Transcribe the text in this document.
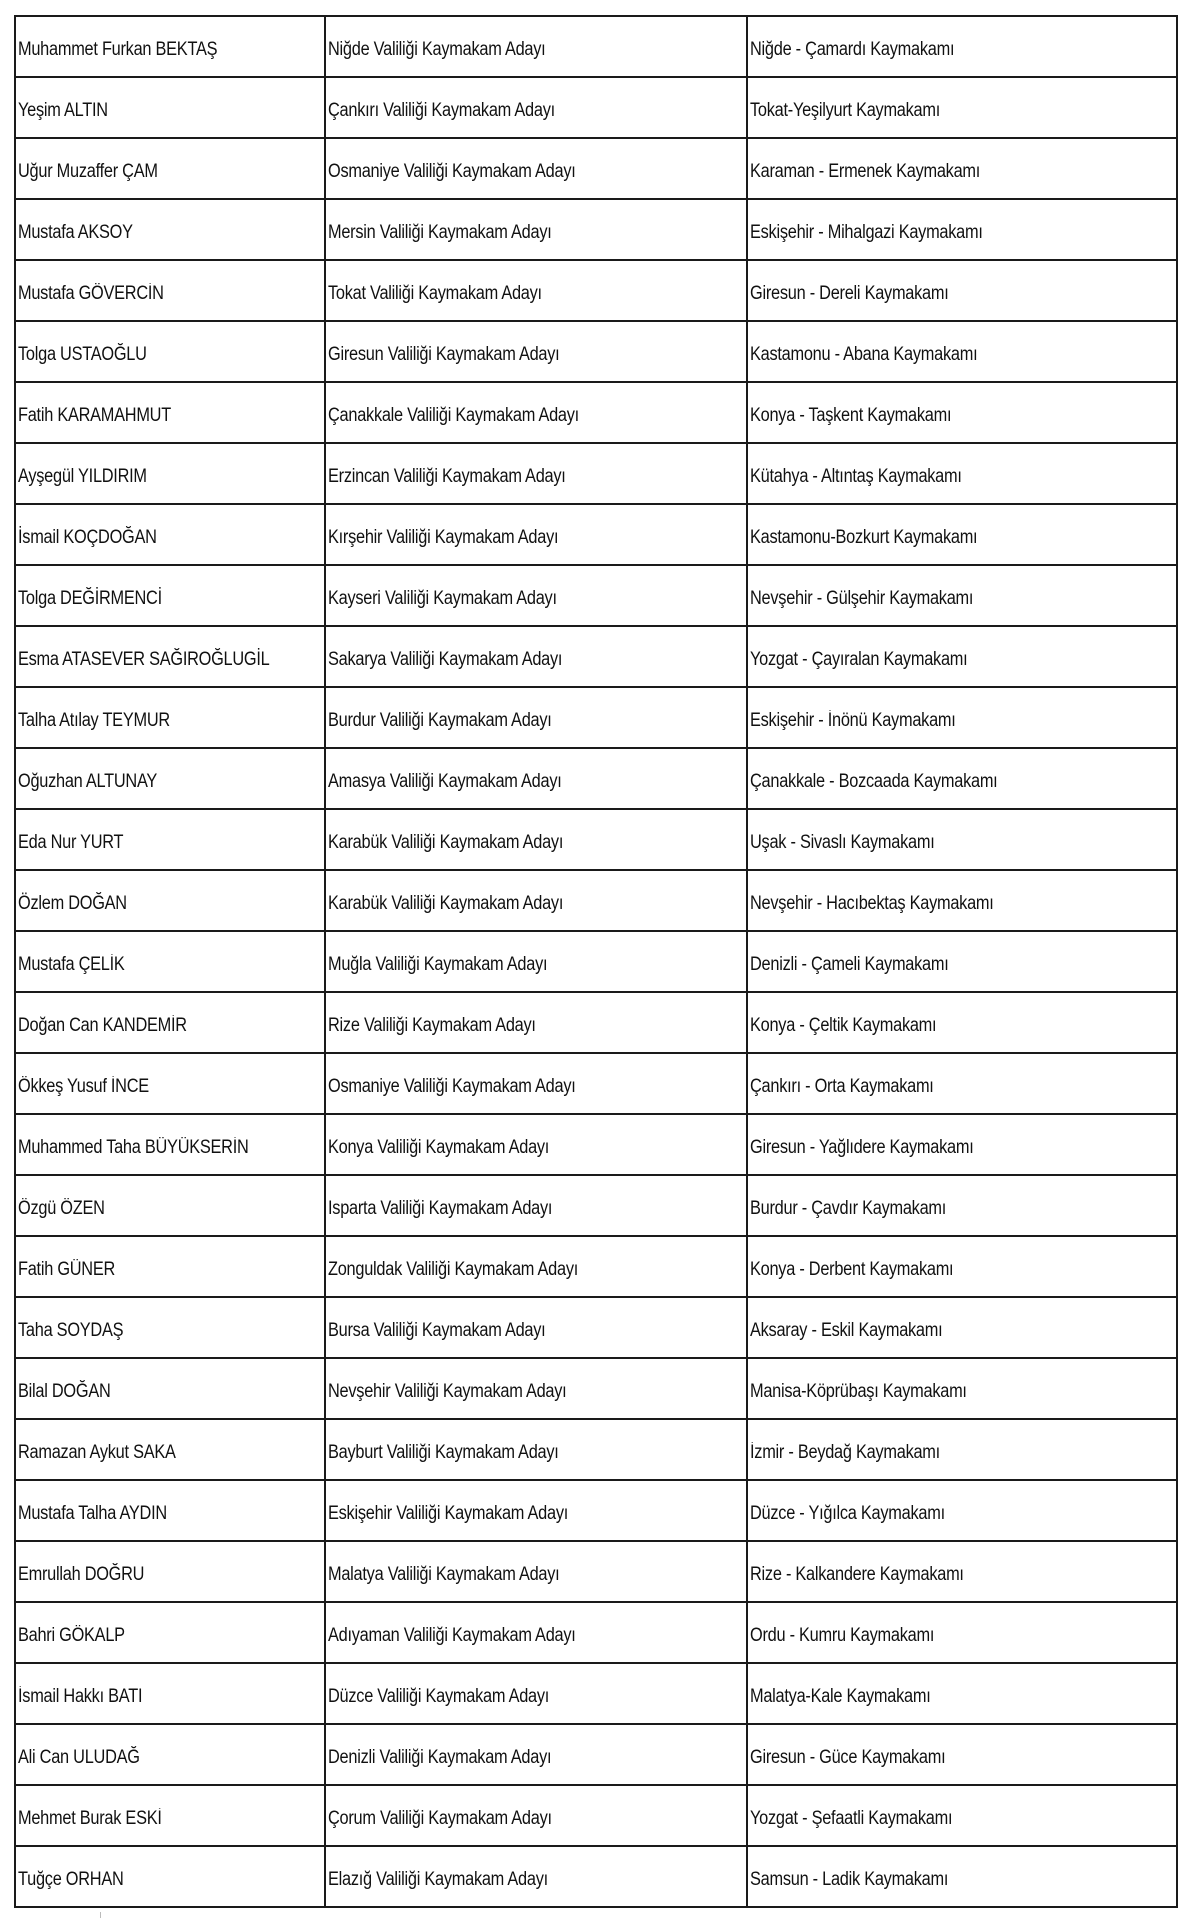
Muhammet Furkan BEKTAŞ	Niğde Valiliği Kaymakam Adayı	Niğde - Çamardı Kaymakamı
Yeşim ALTIN	Çankırı Valiliği Kaymakam Adayı	Tokat-Yeşilyurt Kaymakamı
Uğur Muzaffer ÇAM	Osmaniye Valiliği Kaymakam Adayı	Karaman - Ermenek Kaymakamı
Mustafa AKSOY	Mersin Valiliği Kaymakam Adayı	Eskişehir - Mihalgazi Kaymakamı
Mustafa GÖVERCİN	Tokat Valiliği Kaymakam Adayı	Giresun - Dereli Kaymakamı
Tolga USTAOĞLU	Giresun Valiliği Kaymakam Adayı	Kastamonu - Abana Kaymakamı
Fatih KARAMAHMUT	Çanakkale Valiliği Kaymakam Adayı	Konya - Taşkent Kaymakamı
Ayşegül YILDIRIM	Erzincan Valiliği Kaymakam Adayı	Kütahya - Altıntaş Kaymakamı
İsmail KOÇDOĞAN	Kırşehir Valiliği Kaymakam Adayı	Kastamonu-Bozkurt Kaymakamı
Tolga DEĞİRMENCİ	Kayseri Valiliği Kaymakam Adayı	Nevşehir - Gülşehir Kaymakamı
Esma ATASEVER SAĞIROĞLUGİL	Sakarya Valiliği Kaymakam Adayı	Yozgat - Çayıralan Kaymakamı
Talha Atılay TEYMUR	Burdur Valiliği Kaymakam Adayı	Eskişehir - İnönü Kaymakamı
Oğuzhan ALTUNAY	Amasya Valiliği Kaymakam Adayı	Çanakkale - Bozcaada Kaymakamı
Eda Nur YURT	Karabük Valiliği Kaymakam Adayı	Uşak - Sivaslı Kaymakamı
Özlem DOĞAN	Karabük Valiliği Kaymakam Adayı	Nevşehir - Hacıbektaş Kaymakamı
Mustafa ÇELİK	Muğla Valiliği Kaymakam Adayı	Denizli - Çameli Kaymakamı
Doğan Can KANDEMİR	Rize Valiliği Kaymakam Adayı	Konya - Çeltik Kaymakamı
Ökkeş Yusuf İNCE	Osmaniye Valiliği Kaymakam Adayı	Çankırı - Orta Kaymakamı
Muhammed Taha BÜYÜKSERİN	Konya Valiliği Kaymakam Adayı	Giresun - Yağlıdere Kaymakamı
Özgü ÖZEN	Isparta Valiliği Kaymakam Adayı	Burdur - Çavdır Kaymakamı
Fatih GÜNER	Zonguldak Valiliği Kaymakam Adayı	Konya - Derbent Kaymakamı
Taha SOYDAŞ	Bursa Valiliği Kaymakam Adayı	Aksaray - Eskil Kaymakamı
Bilal DOĞAN	Nevşehir Valiliği Kaymakam Adayı	Manisa-Köprübaşı Kaymakamı
Ramazan Aykut SAKA	Bayburt Valiliği Kaymakam Adayı	İzmir - Beydağ Kaymakamı
Mustafa Talha AYDIN	Eskişehir Valiliği Kaymakam Adayı	Düzce - Yığılca Kaymakamı
Emrullah DOĞRU	Malatya Valiliği Kaymakam Adayı	Rize - Kalkandere Kaymakamı
Bahri GÖKALP	Adıyaman Valiliği Kaymakam Adayı	Ordu - Kumru Kaymakamı
İsmail Hakkı BATI	Düzce Valiliği Kaymakam Adayı	Malatya-Kale Kaymakamı
Ali Can ULUDAĞ	Denizli Valiliği Kaymakam Adayı	Giresun - Güce Kaymakamı
Mehmet Burak ESKİ	Çorum Valiliği Kaymakam Adayı	Yozgat - Şefaatli Kaymakamı
Tuğçe ORHAN	Elazığ Valiliği Kaymakam Adayı	Samsun - Ladik Kaymakamı
